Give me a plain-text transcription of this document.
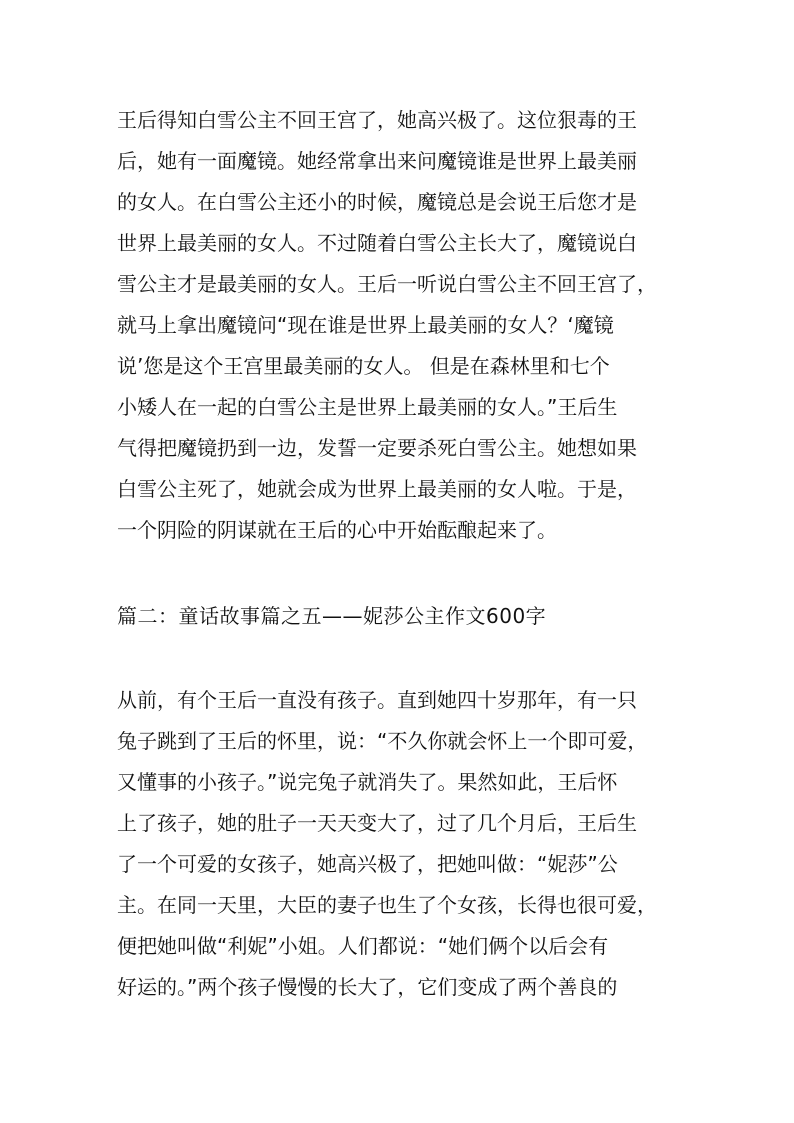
王后得知白雪公主不回王宫了，她高兴极了。这位狠毒的王

后，她有一面魔镜。她经常拿出来问魔镜谁是世界上最美丽

的女人。在白雪公主还小的时候，魔镜总是会说王后您才是

世界上最美丽的女人。不过随着白雪公主长大了，魔镜说白

雪公主才是最美丽的女人。王后一听说白雪公主不回王宫了，

就马上拿出魔镜问“现在谁是世界上最美丽的女人？‘魔镜

说’您是这个王宫里最美丽的女人。 但是在森林里和七个

小矮人在一起的白雪公主是世界上最美丽的女人。”王后生

气得把魔镜扔到一边，发誓一定要杀死白雪公主。她想如果

白雪公主死了，她就会成为世界上最美丽的女人啦。于是，

一个阴险的阴谋就在王后的心中开始酝酿起来了。

篇二：童话故事篇之五——妮莎公主作文600字

从前，有个王后一直没有孩子。直到她四十岁那年，有一只

兔子跳到了王后的怀里，说：“不久你就会怀上一个即可爱，

又懂事的小孩子。”说完兔子就消失了。果然如此，王后怀

上了孩子，她的肚子一天天变大了，过了几个月后，王后生

了一个可爱的女孩子，她高兴极了，把她叫做：“妮莎”公

主。在同一天里，大臣的妻子也生了个女孩，长得也很可爱，

便把她叫做“利妮”小姐。人们都说：“她们俩个以后会有

好运的。”两个孩子慢慢的长大了，它们变成了两个善良的
